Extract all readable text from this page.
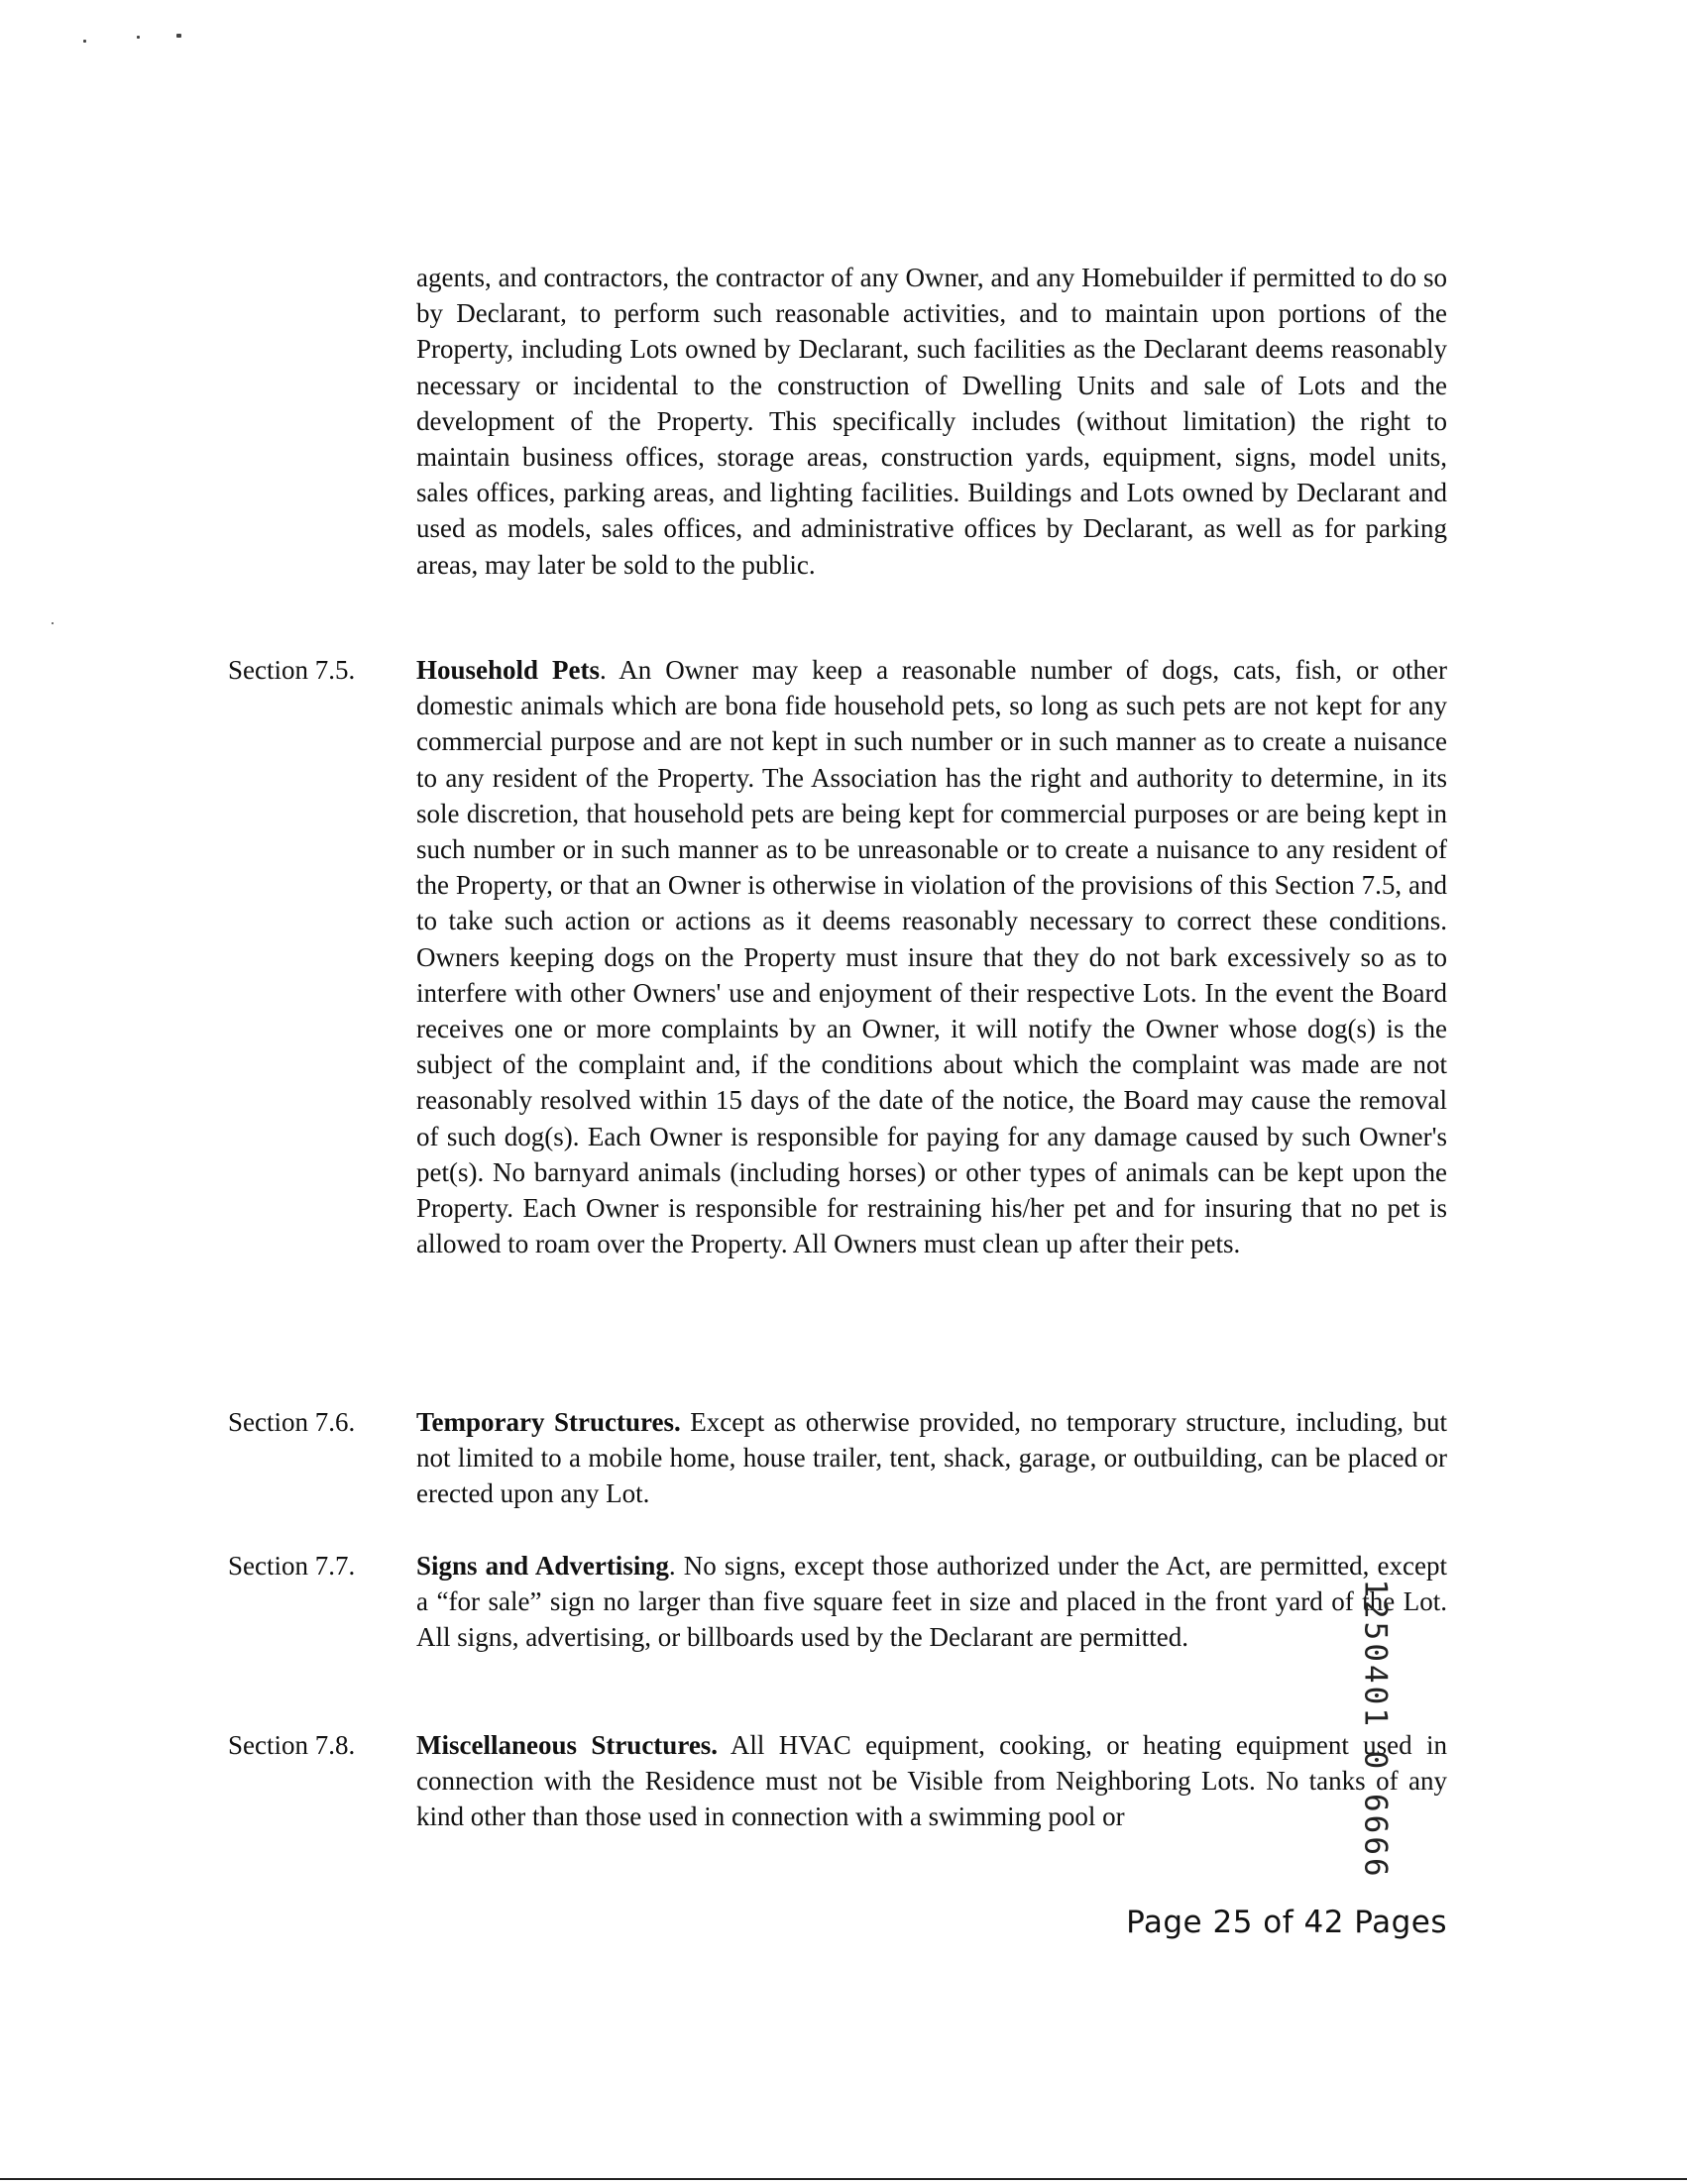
agents, and contractors, the contractor of any Owner, and any Homebuilder if permitted to do so by Declarant, to perform such reasonable activities, and to maintain upon portions of the Property, including Lots owned by Declarant, such facilities as the Declarant deems reasonably necessary or incidental to the construction of Dwelling Units and sale of Lots and the development of the Property. This specifically includes (without limitation) the right to maintain business offices, storage areas, construction yards, equipment, signs, model units, sales offices, parking areas, and lighting facilities. Buildings and Lots owned by Declarant and used as models, sales offices, and administrative offices by Declarant, as well as for parking areas, may later be sold to the public.

Section 7.5.	Household Pets. An Owner may keep a reasonable number of dogs, cats, fish, or other domestic animals which are bona fide household pets, so long as such pets are not kept for any commercial purpose and are not kept in such number or in such manner as to create a nuisance to any resident of the Property. The Association has the right and authority to determine, in its sole discretion, that household pets are being kept for commercial purposes or are being kept in such number or in such manner as to be unreasonable or to create a nuisance to any resident of the Property, or that an Owner is otherwise in violation of the provisions of this Section 7.5, and to take such action or actions as it deems reasonably necessary to correct these conditions. Owners keeping dogs on the Property must insure that they do not bark excessively so as to interfere with other Owners' use and enjoyment of their respective Lots. In the event the Board receives one or more complaints by an Owner, it will notify the Owner whose dog(s) is the subject of the complaint and, if the conditions about which the complaint was made are not reasonably resolved within 15 days of the date of the notice, the Board may cause the removal of such dog(s). Each Owner is responsible for paying for any damage caused by such Owner's pet(s). No barnyard animals (including horses) or other types of animals can be kept upon the Property. Each Owner is responsible for restraining his/her pet and for insuring that no pet is allowed to roam over the Property. All Owners must clean up after their pets.
Section 7.6.	Temporary Structures. Except as otherwise provided, no temporary structure, including, but not limited to a mobile home, house trailer, tent, shack, garage, or outbuilding, can be placed or erected upon any Lot.
Section 7.7.	Signs and Advertising. No signs, except those authorized under the Act, are permitted, except a “for sale” sign no larger than five square feet in size and placed in the front yard of the Lot. All signs, advertising, or billboards used by the Declarant are permitted.
Section 7.8.	Miscellaneous Structures. All HVAC equipment, cooking, or heating equipment used in connection with the Residence must not be Visible from Neighboring Lots. No tanks of any kind other than those used in connection with a swimming pool or
Page 25 of 42 Pages
1250401 0 6666
